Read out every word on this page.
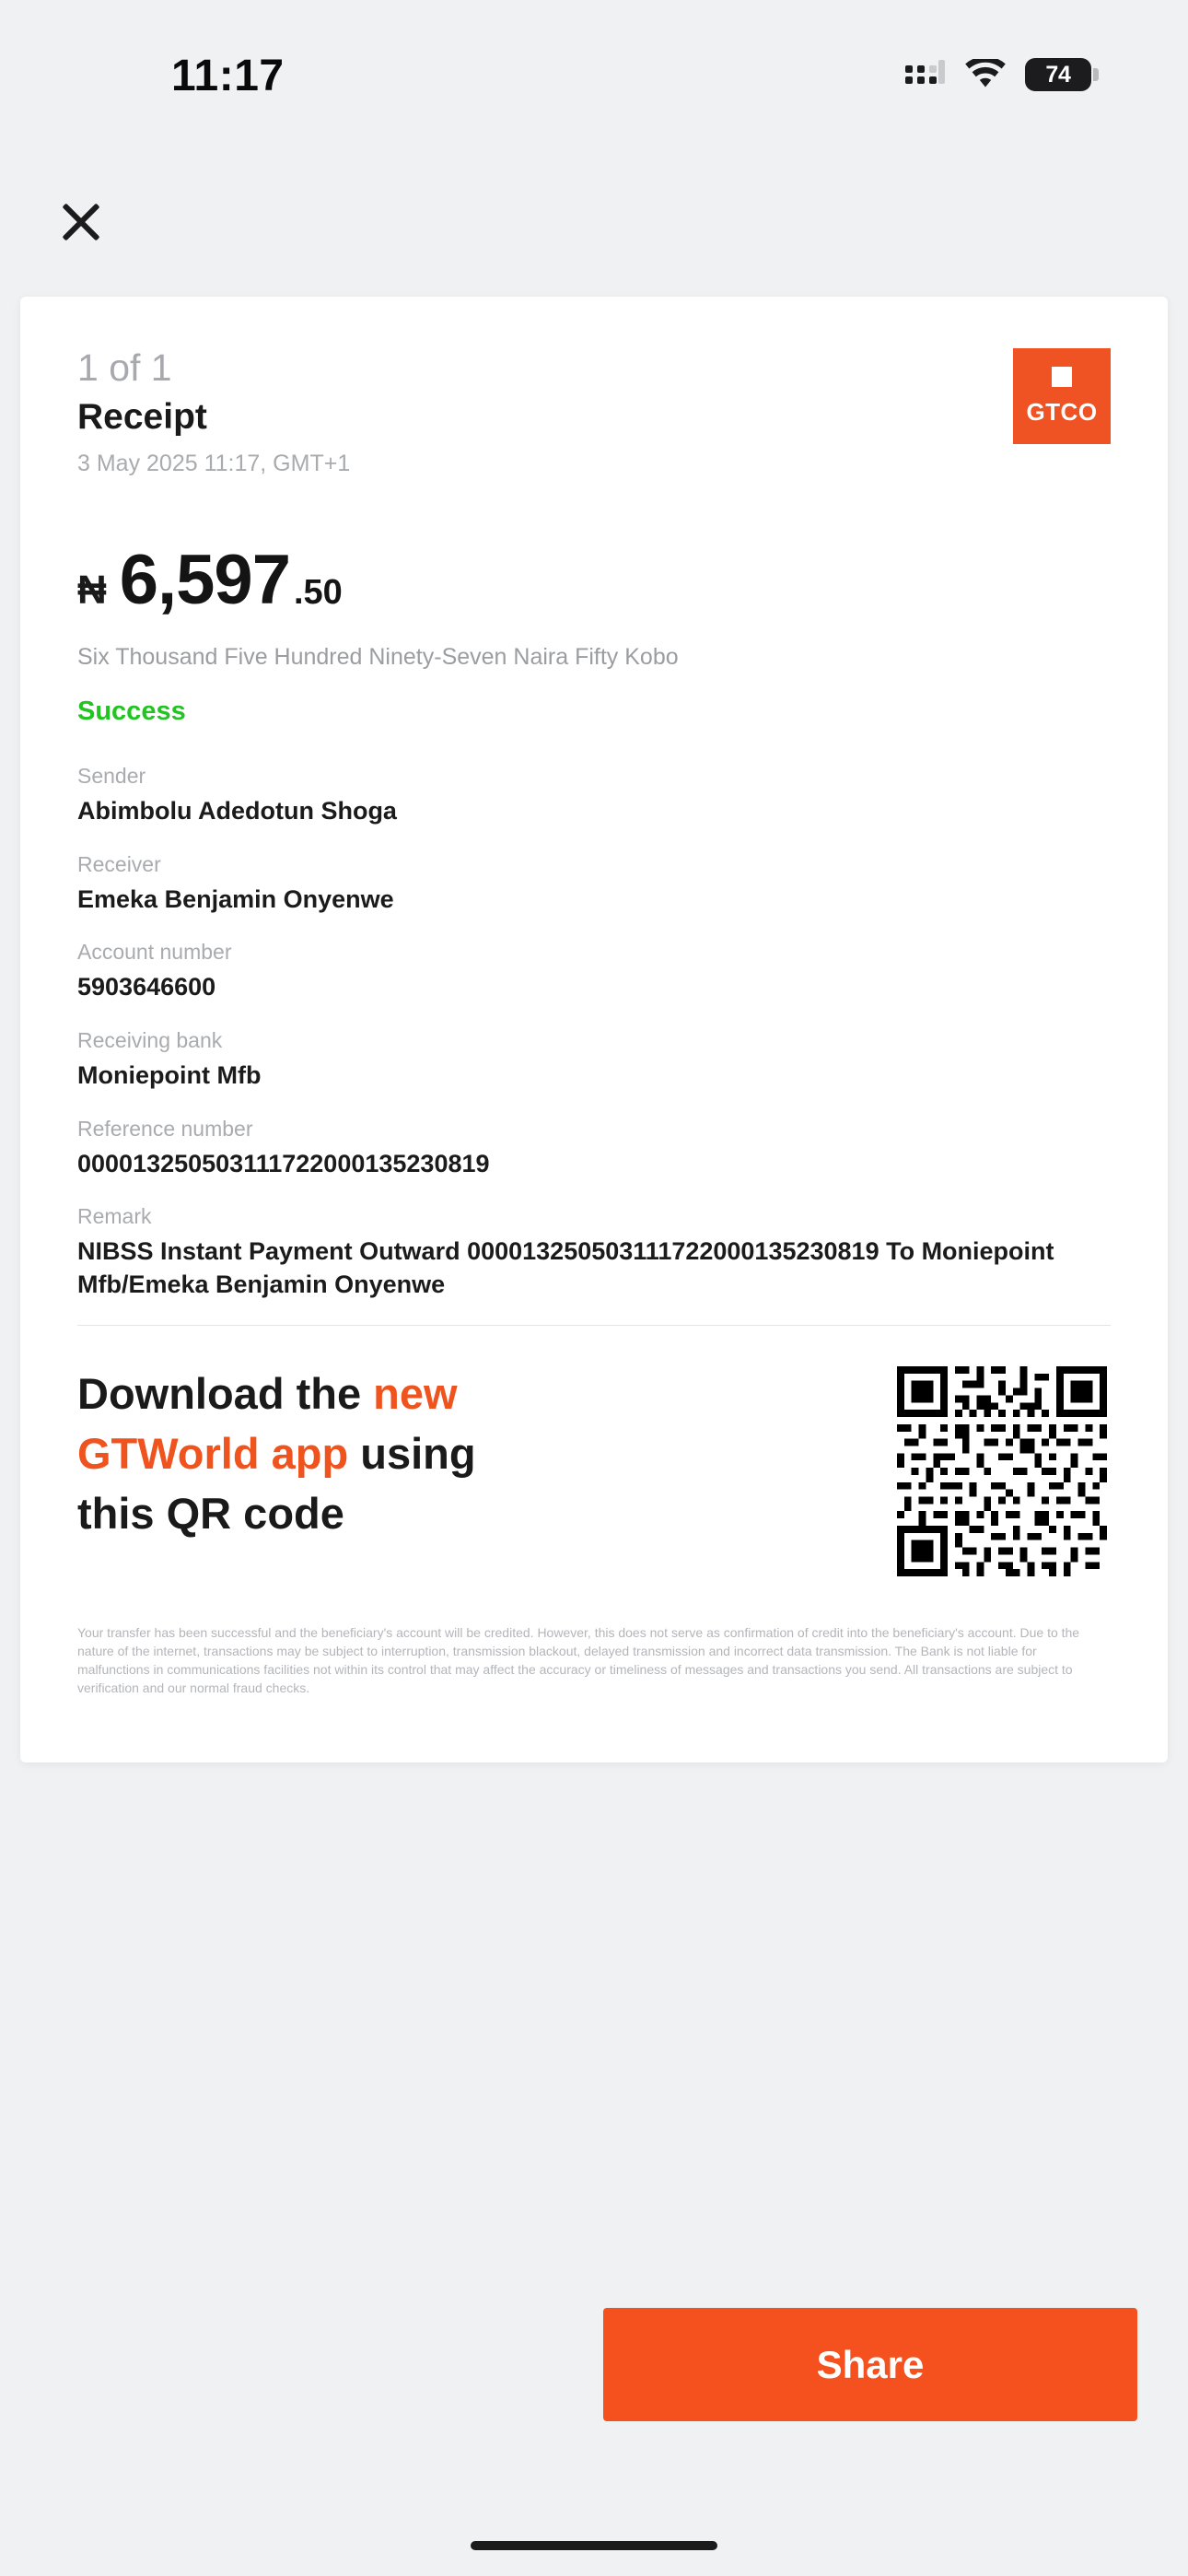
11:17	74
1 of 1
Receipt
3 May 2025 11:17, GMT+1
GTCO
₦ 6,597 .50
Six Thousand Five Hundred Ninety-Seven Naira Fifty Kobo
Success
Sender
Abimbolu Adedotun Shoga
Receiver
Emeka Benjamin Onyenwe
Account number
5903646600
Receiving bank
Moniepoint Mfb
Reference number
000013250503111722000135230819
Remark
NIBSS Instant Payment Outward 000013250503111722000135230819 To Moniepoint Mfb/Emeka Benjamin Onyenwe
Download the new
GTWorld app using
this QR code
Your transfer has been successful and the beneficiary's account will be credited. However, this does not serve as confirmation of credit into the beneficiary's account. Due to the nature of the internet, transactions may be subject to interruption, transmission blackout, delayed transmission and incorrect data transmission. The Bank is not liable for malfunctions in communications facilities not within its control that may affect the accuracy or timeliness of messages and transactions you send. All transactions are subject to verification and our normal fraud checks.
Share
